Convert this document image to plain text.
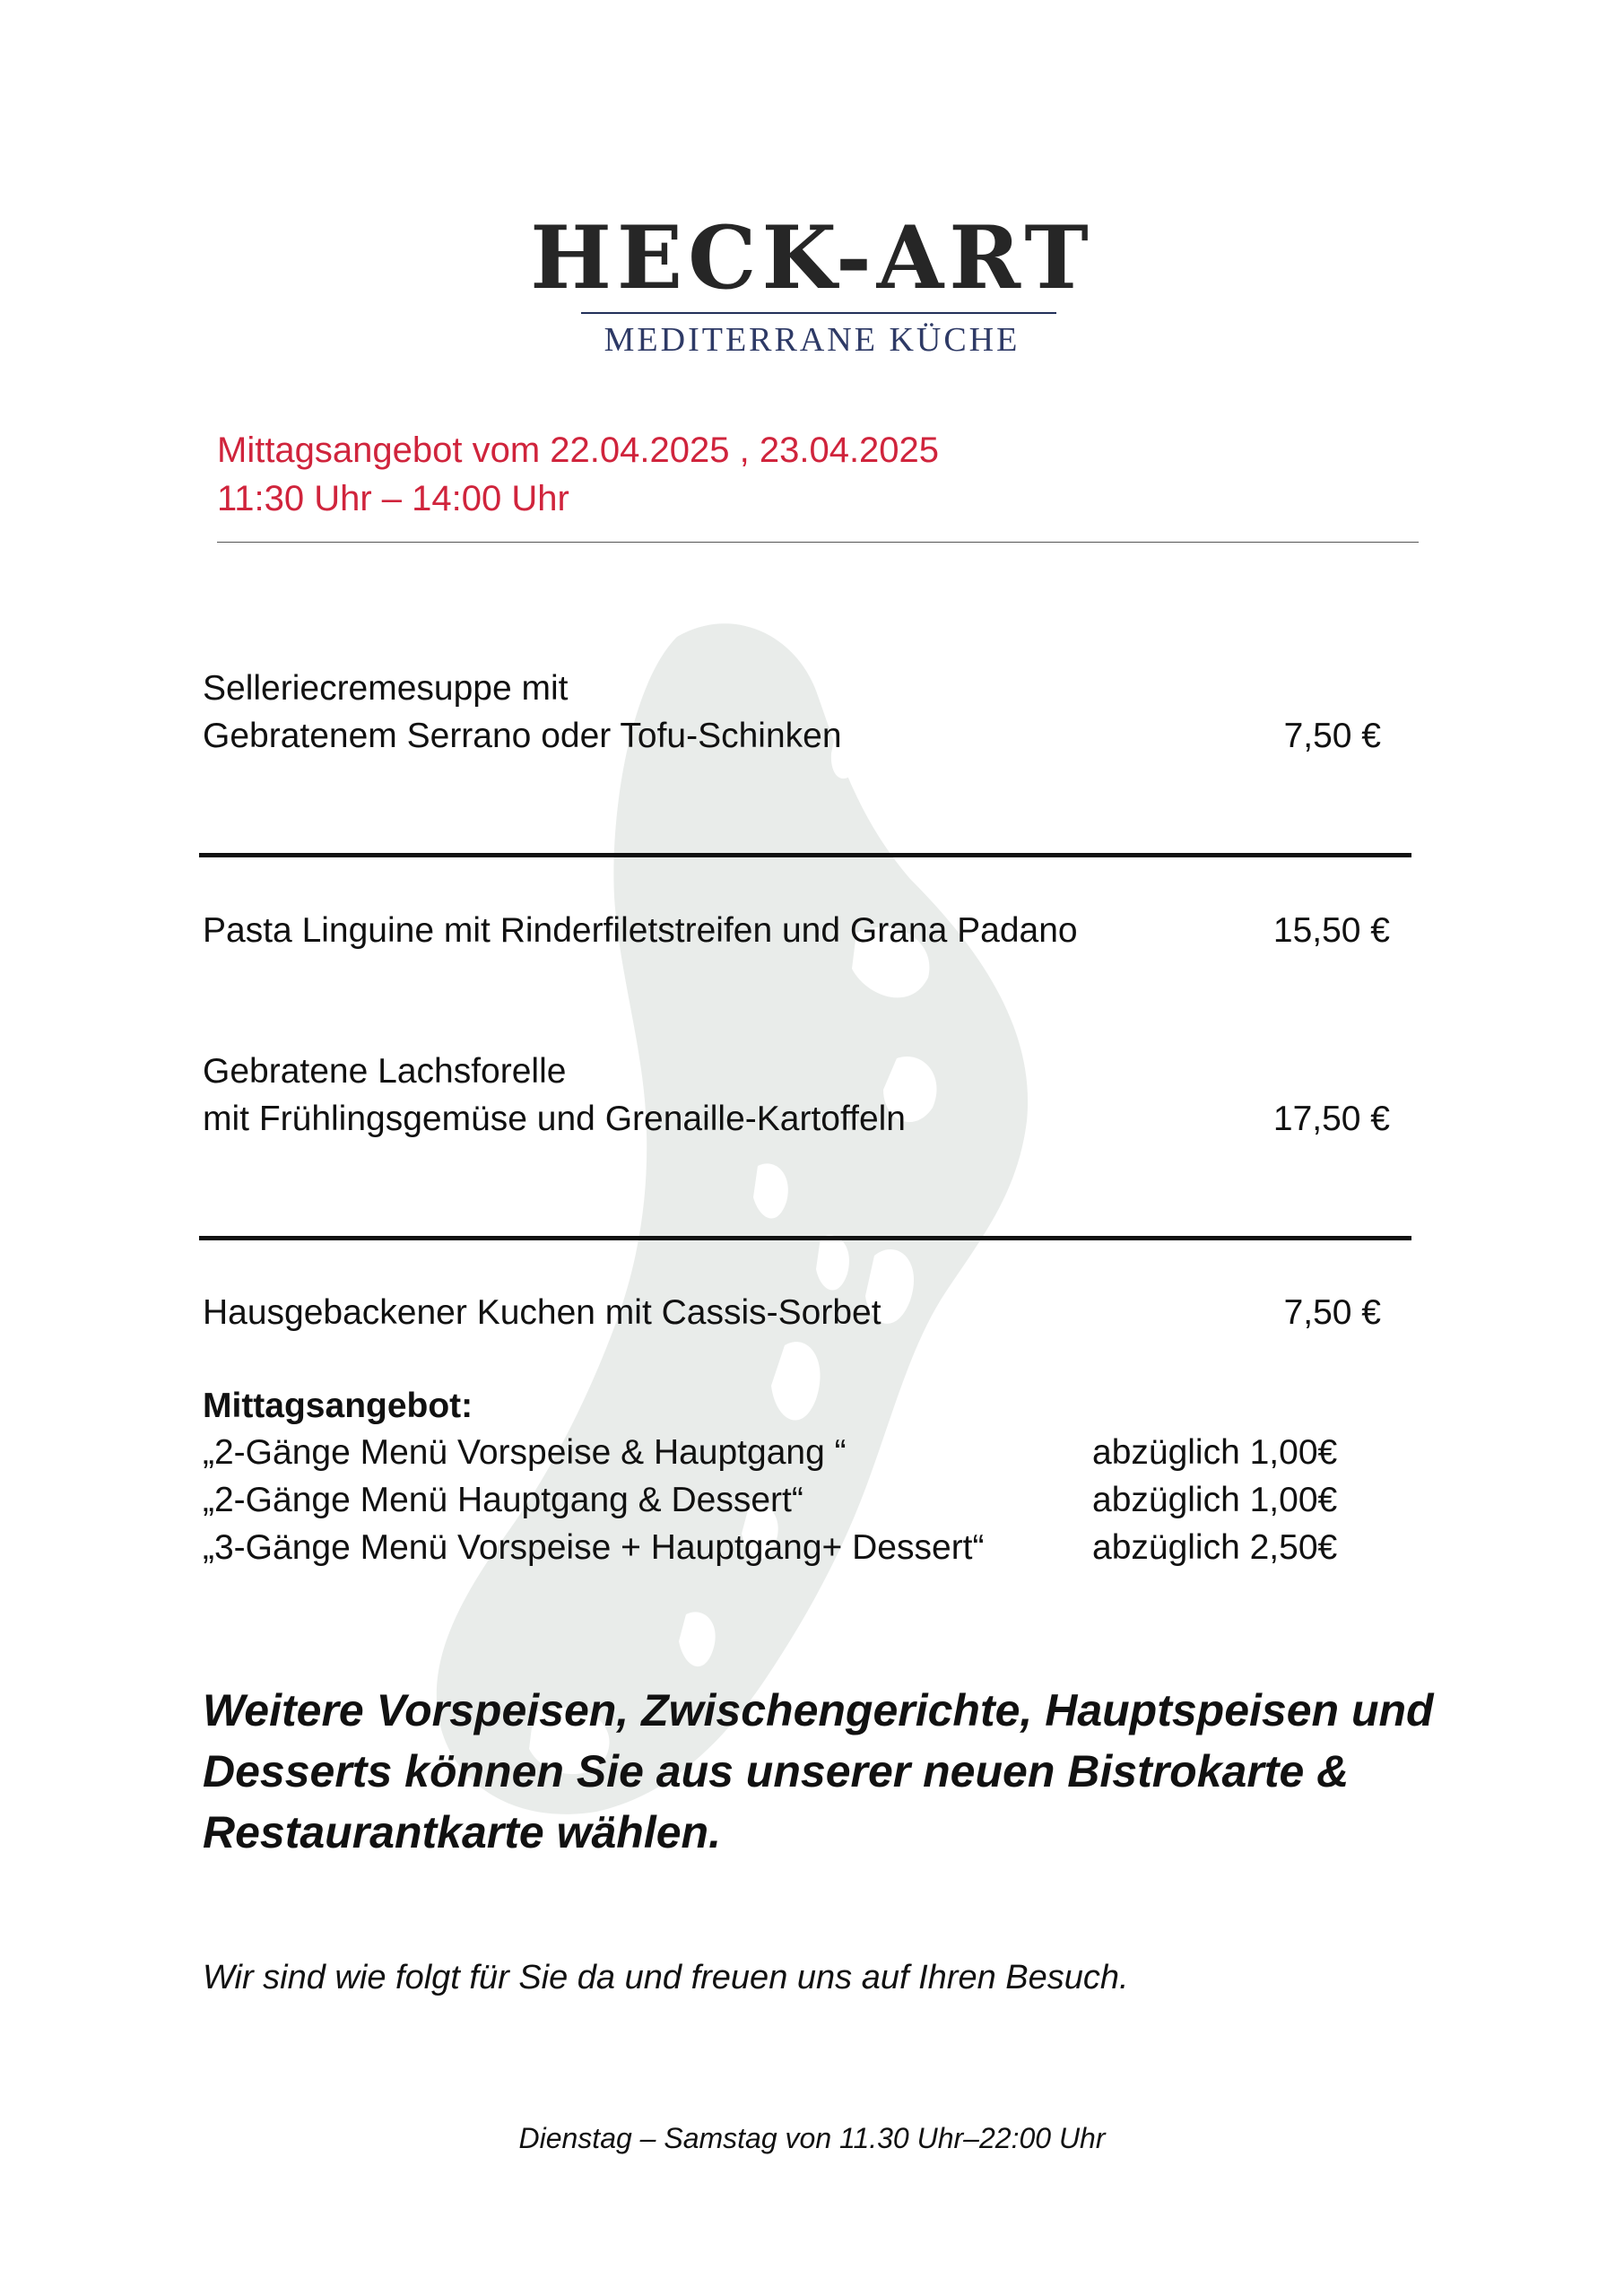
HECK-ART
MEDITERRANE KÜCHE
Mittagsangebot vom 22.04.2025 , 23.04.2025
11:30 Uhr – 14:00 Uhr
Selleriecremesuppe mit
Gebratenem Serrano oder Tofu-Schinken	7,50 €
Pasta Linguine mit Rinderfiletstreifen und Grana Padano	15,50 €
Gebratene Lachsforelle
mit Frühlingsgemüse und Grenaille-Kartoffeln	17,50 €
Hausgebackener Kuchen mit Cassis-Sorbet	7,50 €
Mittagsangebot:
„2-Gänge Menü Vorspeise & Hauptgang “	abzüglich 1,00€
„2-Gänge Menü Hauptgang & Dessert“	abzüglich 1,00€
„3-Gänge Menü Vorspeise + Hauptgang+ Dessert“	abzüglich 2,50€
Weitere Vorspeisen, Zwischengerichte, Hauptspeisen und
Desserts können Sie aus unserer neuen Bistrokarte &
Restaurantkarte wählen.
Wir sind wie folgt für Sie da und freuen uns auf Ihren Besuch.
Dienstag – Samstag von 11.30 Uhr–22:00 Uhr
